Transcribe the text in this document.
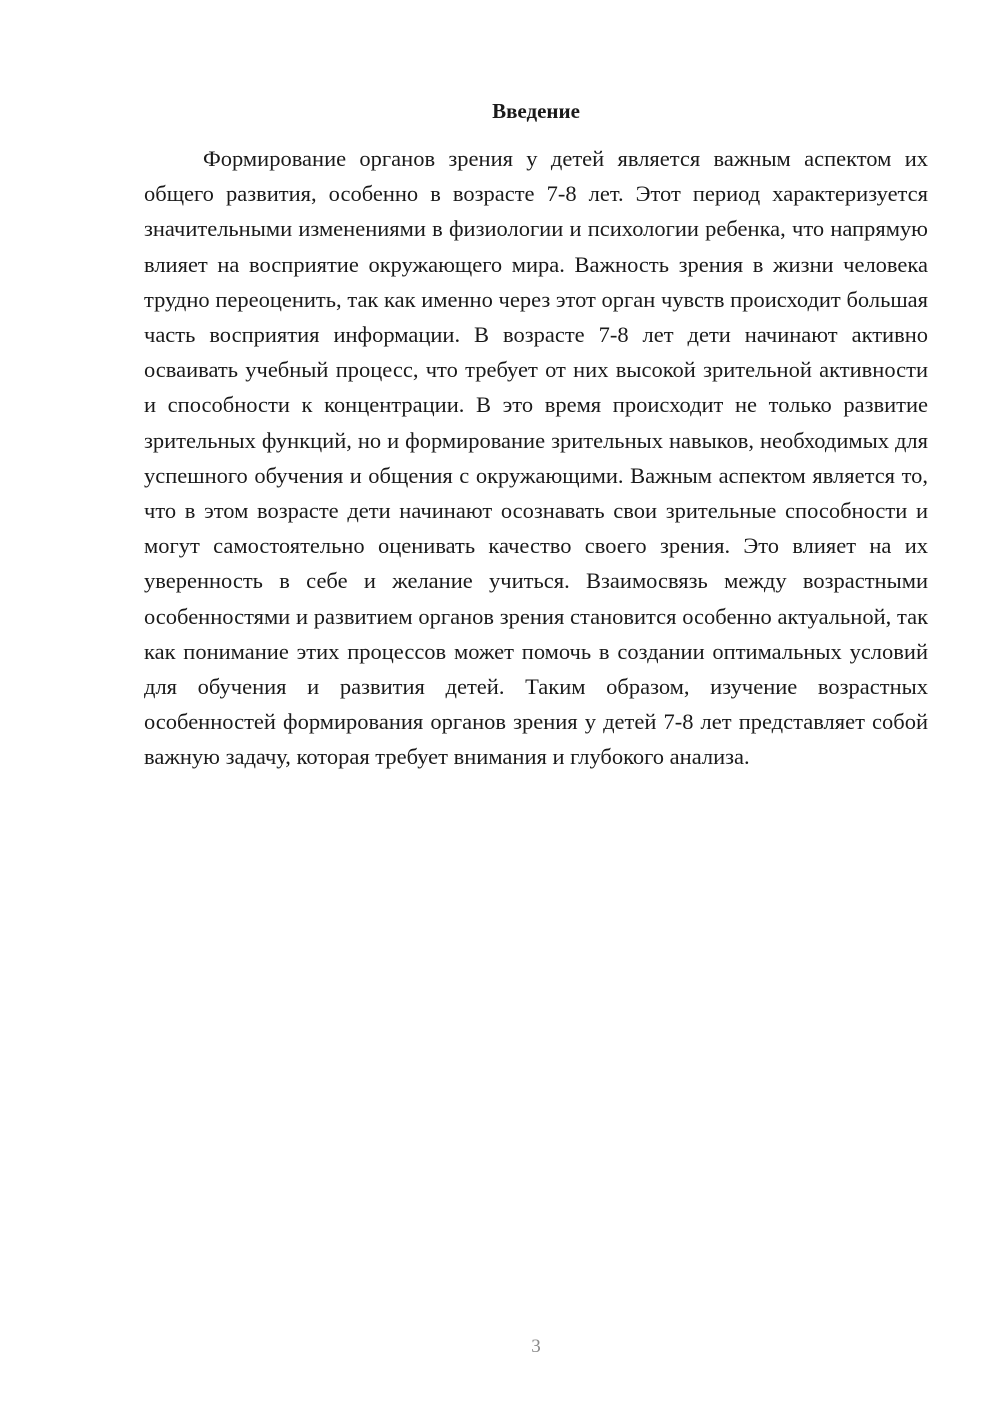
Введение

Формирование органов зрения у детей является важным аспектом их общего развития, особенно в возрасте 7-8 лет. Этот период характеризуется значительными изменениями в физиологии и психологии ребенка, что напрямую влияет на восприятие окружающего мира. Важность зрения в жизни человека трудно переоценить, так как именно через этот орган чувств происходит большая часть восприятия информации. В возрасте 7-8 лет дети начинают активно осваивать учебный процесс, что требует от них высокой зрительной активности и способности к концентрации. В это время происходит не только развитие зрительных функций, но и формирование зрительных навыков, необходимых для успешного обучения и общения с окружающими. Важным аспектом является то, что в этом возрасте дети начинают осознавать свои зрительные способности и могут самостоятельно оценивать качество своего зрения. Это влияет на их уверенность в себе и желание учиться. Взаимосвязь между возрастными особенностями и развитием органов зрения становится особенно актуальной, так как понимание этих процессов может помочь в создании оптимальных условий для обучения и развития детей. Таким образом, изучение возрастных особенностей формирования органов зрения у детей 7-8 лет представляет собой важную задачу, которая требует внимания и глубокого анализа.

3
